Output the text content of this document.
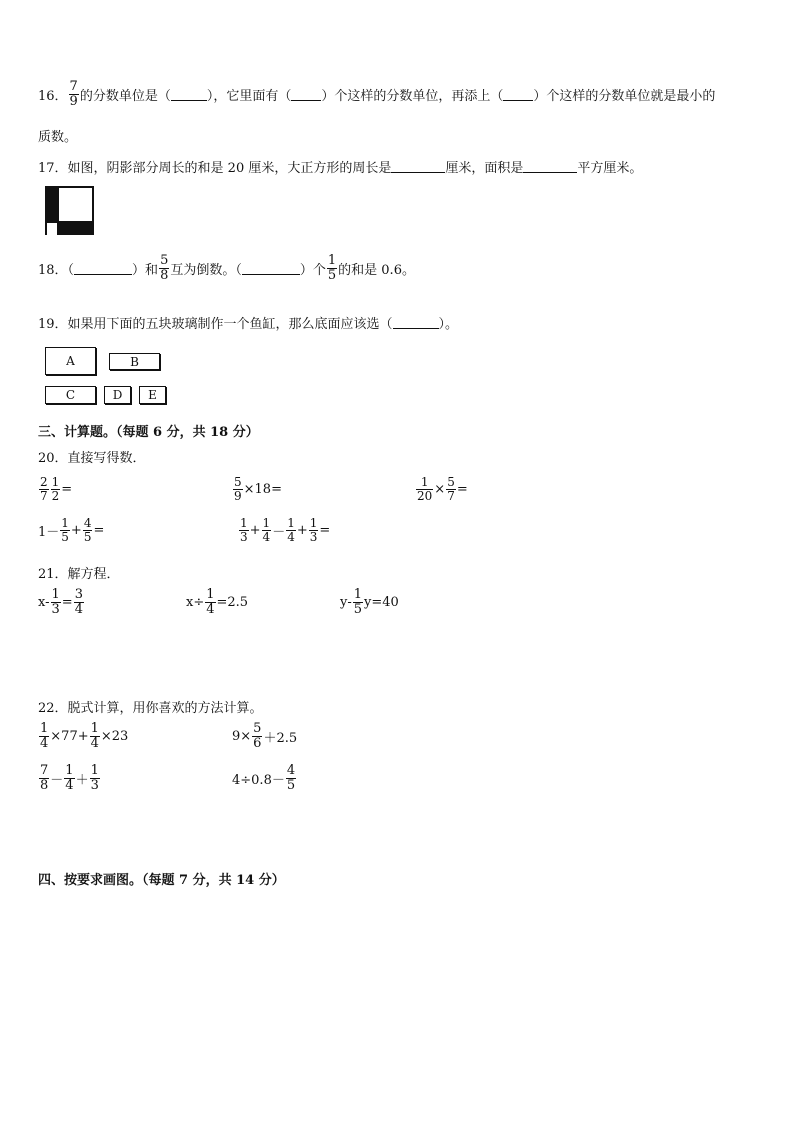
16． $\frac{7}{9}$ 的分数单位是（	），它里面有（ ）个这样的分数单位，再添上（ ）个这样的分数单位就是最小的
质数。
17．如图，阴影部分周长的和是 20 厘米，大正方形的周长是	厘米，面积是	平方厘米。
18．（	）和 $\frac{5}{8}$ 互为倒数。（	）个 $\frac{1}{5}$ 的和是 0.6。
19．如果用下面的五块玻璃制作一个鱼缸，那么底面应该选（	）。
A	B
C	D	E
三、计算题。（每题 6 分，共 18 分）
20．直接写得数．
$\frac{2}{7} \frac{1}{2}$ =	$\frac{5}{9} \times 18=$	$\frac{1}{20} \times \frac{5}{7}$ =
$1- \frac{1}{5} + \frac{4}{5}$ =	$\frac{1}{3} + \frac{1}{4} - \frac{1}{4} + \frac{1}{3}$ =
21．解方程．
$x- \frac{1}{3} = \frac{3}{4}$	$x\div \frac{1}{4} =2.5$	$y- \frac{1}{5} y=40$
22．脱式计算，用你喜欢的方法计算。
$\frac{1}{4} \times 77+ \frac{1}{4} \times 23$	$9\times \frac{5}{6} +2.5$
$\frac{7}{8} - \frac{1}{4} + \frac{1}{3}$	$4\div 0.8- \frac{4}{5}$
四、按要求画图。（每题 7 分，共 14 分）
